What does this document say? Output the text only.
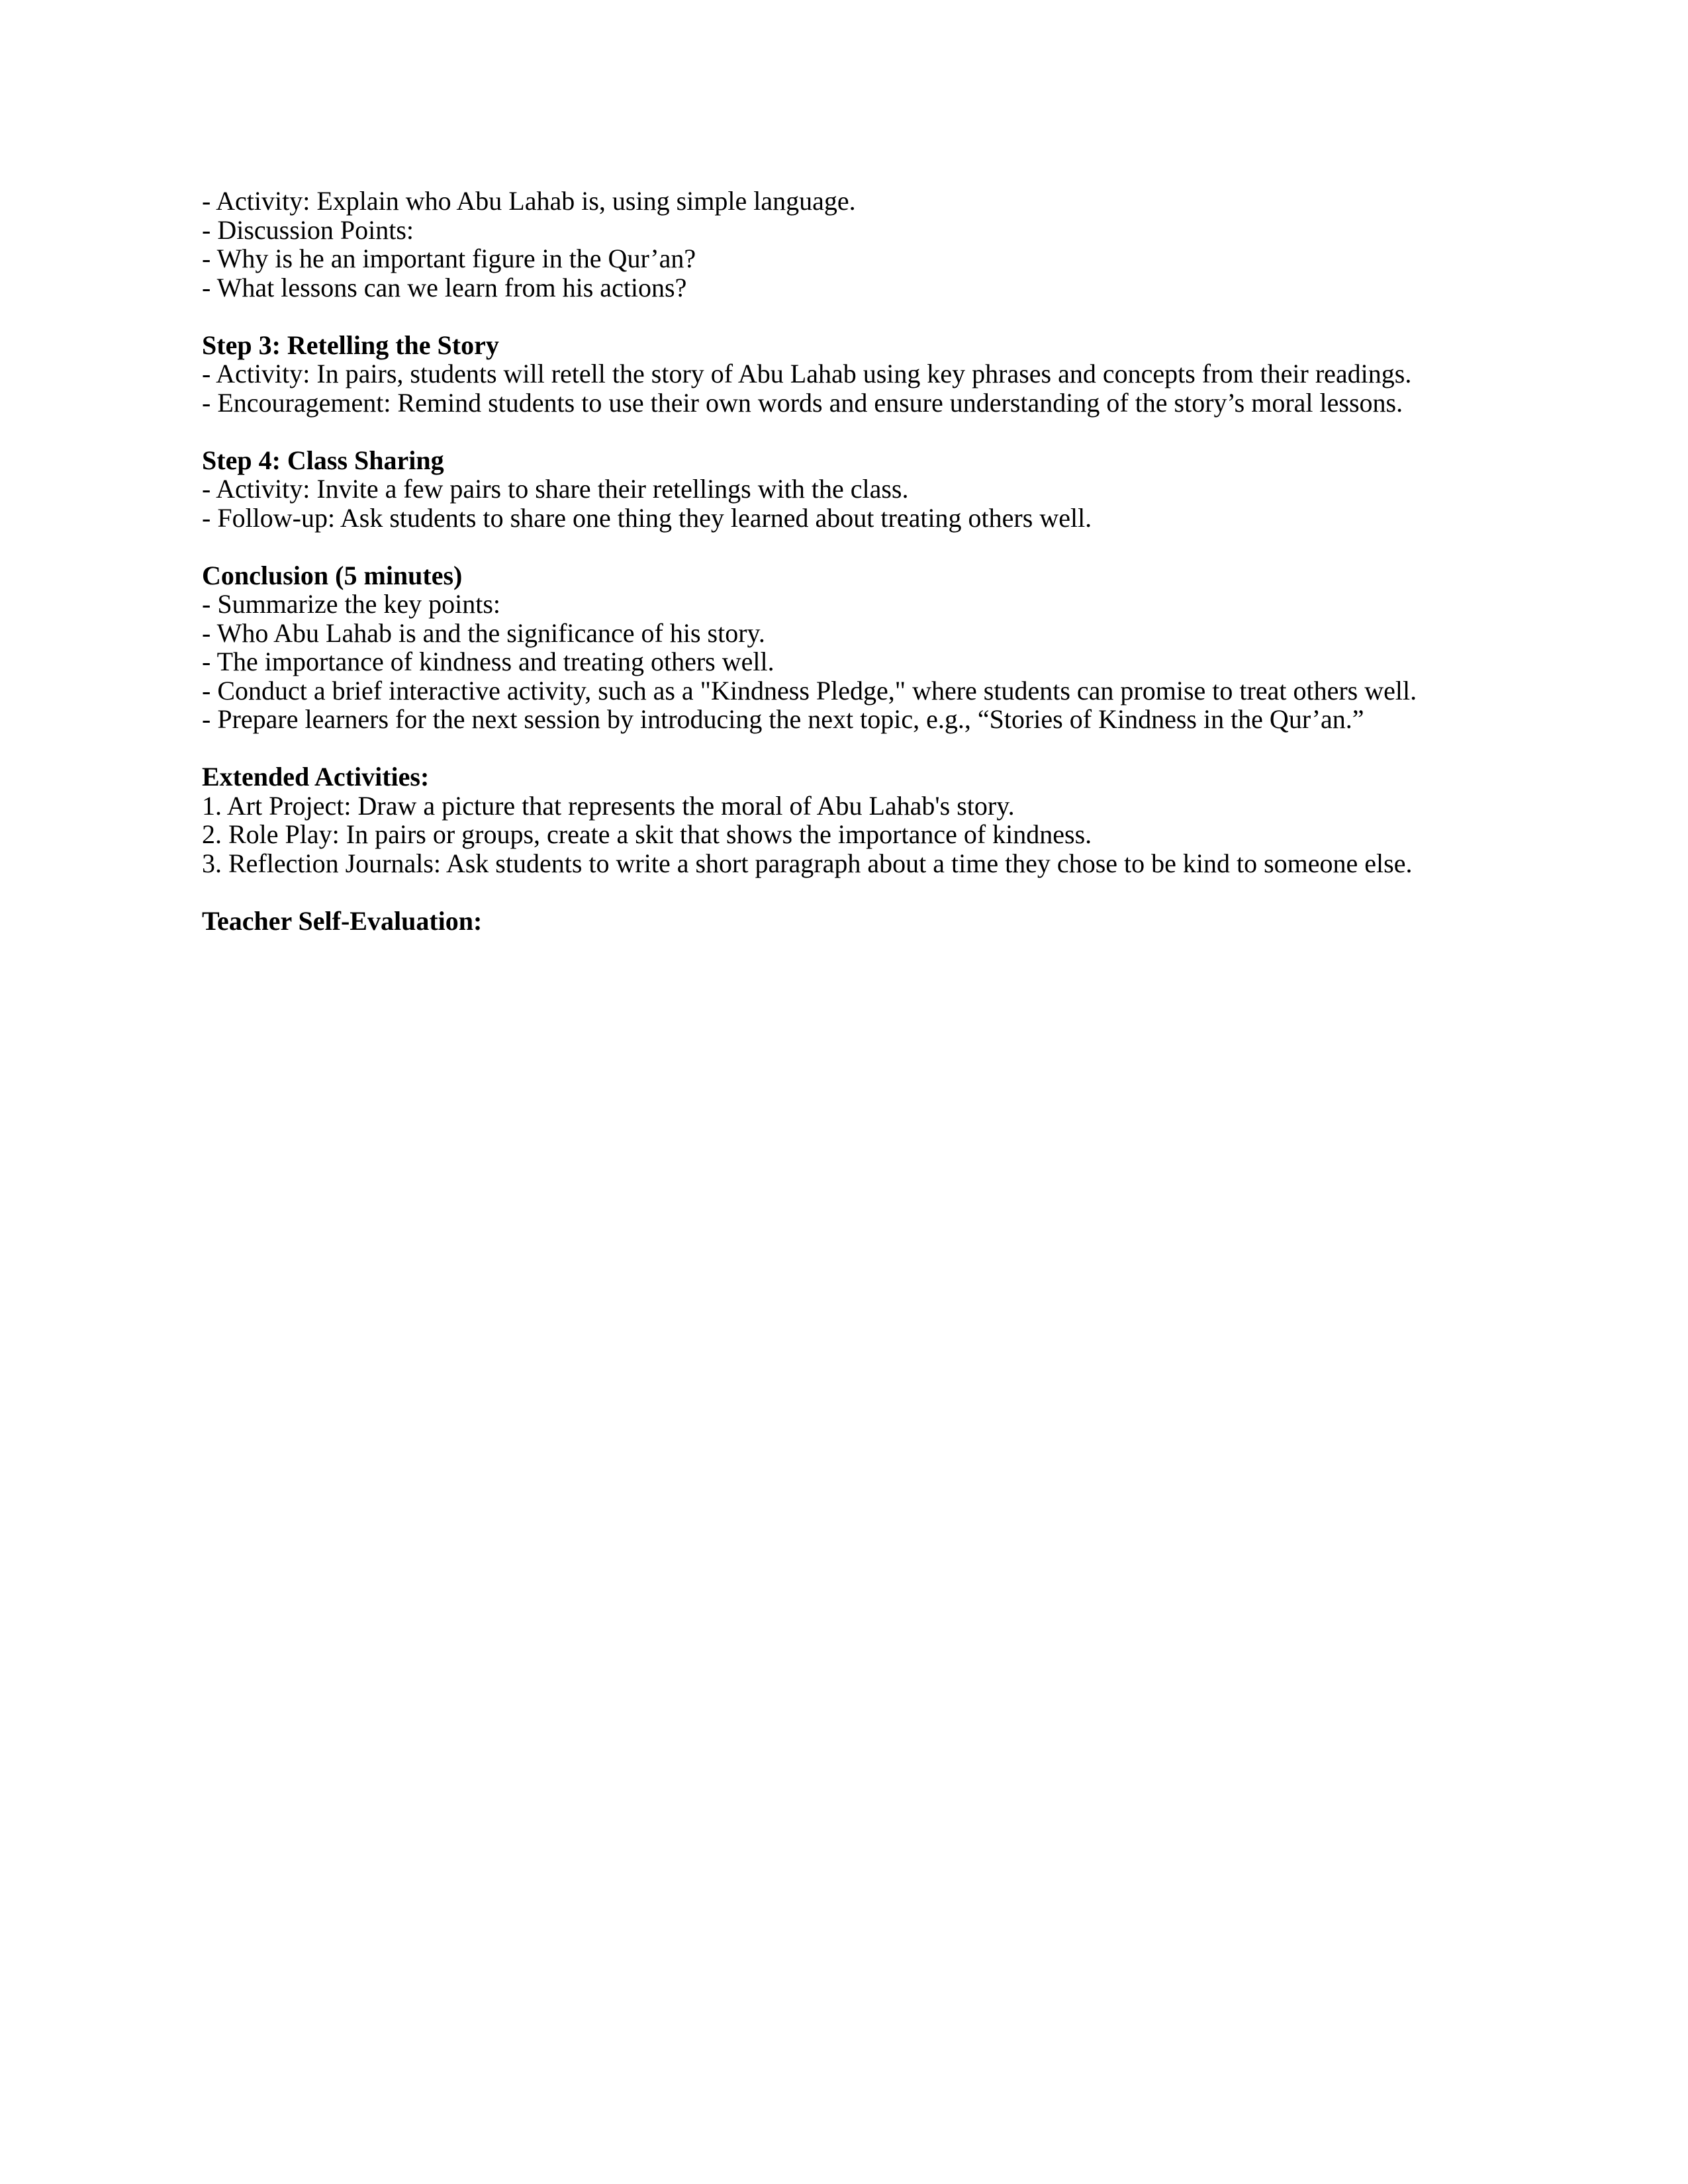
- Activity: Explain who Abu Lahab is, using simple language.

- Discussion Points:

- Why is he an important figure in the Qur’an?

- What lessons can we learn from his actions?

Step 3: Retelling the Story

- Activity: In pairs, students will retell the story of Abu Lahab using key phrases and concepts from their readings.

- Encouragement: Remind students to use their own words and ensure understanding of the story’s moral lessons.

Step 4: Class Sharing

- Activity: Invite a few pairs to share their retellings with the class.

- Follow-up: Ask students to share one thing they learned about treating others well.

Conclusion (5 minutes)

- Summarize the key points:

- Who Abu Lahab is and the significance of his story.

- The importance of kindness and treating others well.

- Conduct a brief interactive activity, such as a "Kindness Pledge," where students can promise to treat others well.

- Prepare learners for the next session by introducing the next topic, e.g., “Stories of Kindness in the Qur’an.”

Extended Activities:

1. Art Project: Draw a picture that represents the moral of Abu Lahab's story.

2. Role Play: In pairs or groups, create a skit that shows the importance of kindness.

3. Reflection Journals: Ask students to write a short paragraph about a time they chose to be kind to someone else.

Teacher Self-Evaluation:
